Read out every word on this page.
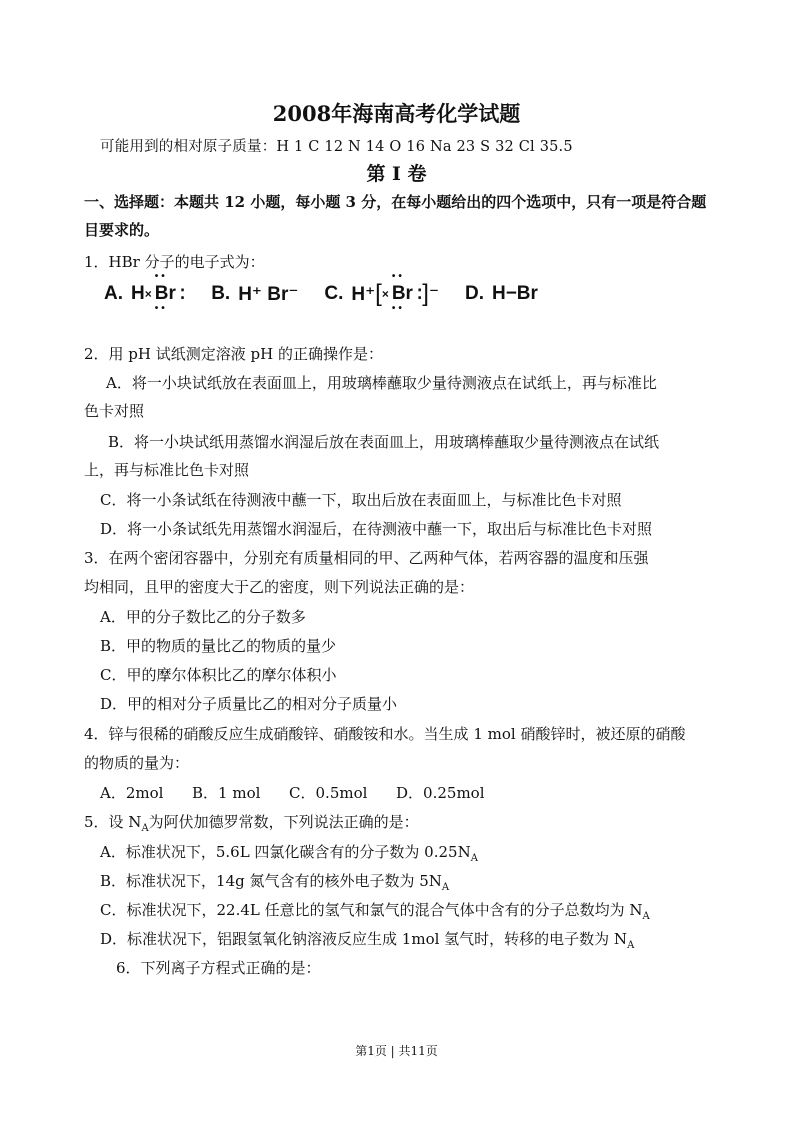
2008年海南高考化学试题
可能用到的相对原子质量：H 1 C 12 N 14 O 16 Na 23 S 32 Cl 35.5
第 I 卷
一、选择题：本题共 12 小题，每小题 3 分，在每小题给出的四个选项中，只有一项是符合题目要求的。
1．HBr 分子的电子式为：
A. H ×
••
Br
••
⁚ B. H⁺ Br⁻ C. H⁺ [ ×
••
Br
••
⁚ ] ⁻ D. H−Br
2．用 pH 试纸测定溶液 pH 的正确操作是：
A．将一小块试纸放在表面皿上，用玻璃棒蘸取少量待测液点在试纸上，再与标准比
色卡对照
B．将一小块试纸用蒸馏水润湿后放在表面皿上，用玻璃棒蘸取少量待测液点在试纸
上，再与标准比色卡对照
C．将一小条试纸在待测液中蘸一下，取出后放在表面皿上，与标准比色卡对照
D．将一小条试纸先用蒸馏水润湿后，在待测液中蘸一下，取出后与标准比色卡对照
3．在两个密闭容器中，分别充有质量相同的甲、乙两种气体，若两容器的温度和压强
均相同，且甲的密度大于乙的密度，则下列说法正确的是：
A．甲的分子数比乙的分子数多
B．甲的物质的量比乙的物质的量少
C．甲的摩尔体积比乙的摩尔体积小
D．甲的相对分子质量比乙的相对分子质量小
4．锌与很稀的硝酸反应生成硝酸锌、硝酸铵和水。当生成 1 mol 硝酸锌时，被还原的硝酸
的物质的量为：
A．2mol      B．1 mol      C．0.5mol      D．0.25mol
5．设 $N_A$为阿伏加德罗常数，下列说法正确的是：
A．标准状况下，5.6L 四氯化碳含有的分子数为 $0.25N_A$
B．标准状况下，14g 氮气含有的核外电子数为 $5N_A$
C．标准状况下，22.4L 任意比的氢气和氯气的混合气体中含有的分子总数均为 $N_A$
D．标准状况下，铝跟氢氧化钠溶液反应生成 1mol 氢气时，转移的电子数为 $N_A$
6．下列离子方程式正确的是：
第1页 | 共11页
